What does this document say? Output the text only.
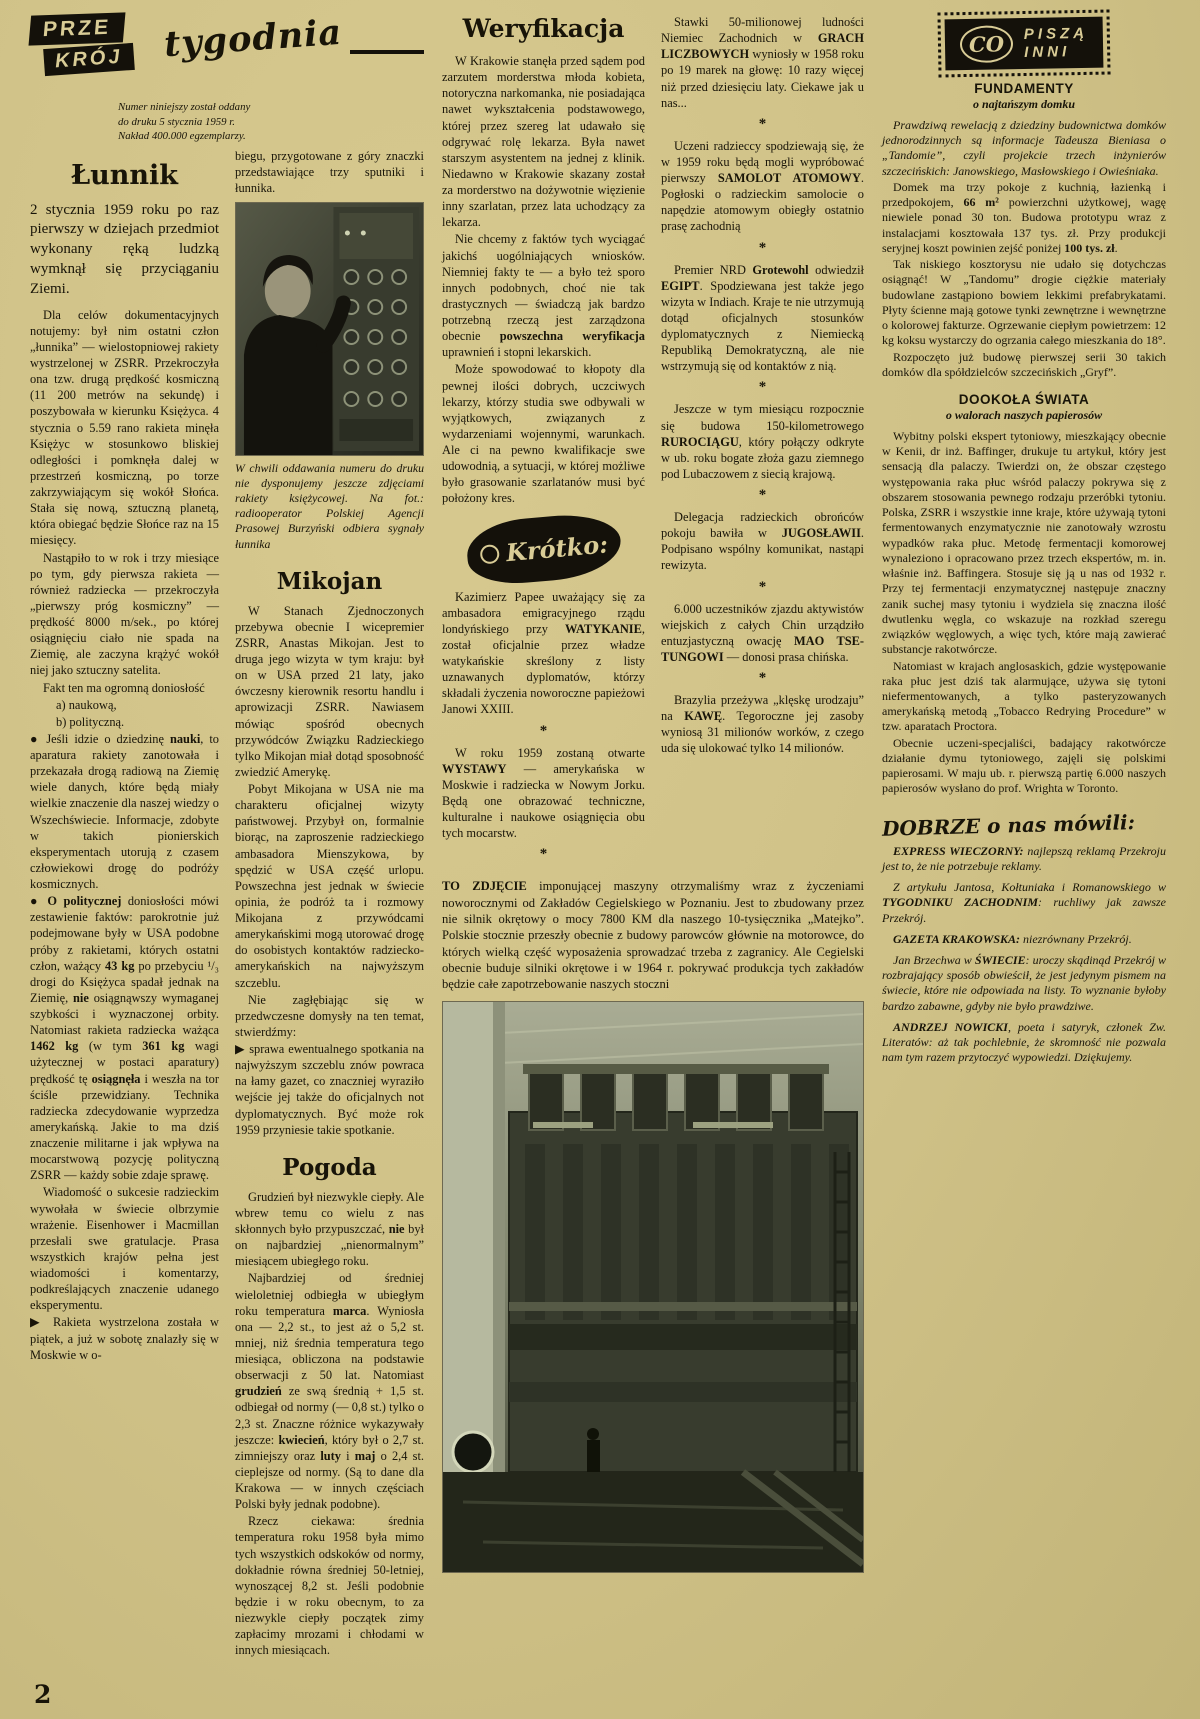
PRZE
KRÓJ	tygodnia
Numer niniejszy został oddany
do druku 5 stycznia 1959 r.
Nakład 400.000 egzemplarzy.
Łunnik

2 stycznia 1959 roku po raz pierwszy w dziejach przedmiot wykonany ręką ludzką wymknął się przyciąganiu Ziemi.

Dla celów dokumentacyjnych notujemy: był nim ostatni człon „łunnika” — wielostopniowej rakiety wystrzelonej w ZSRR. Przekroczyła ona tzw. drugą prędkość kosmiczną (11 200 metrów na sekundę) i poszybowała w kierunku Księżyca. 4 stycznia o 5.59 rano rakieta minęła Księżyc w stosunkowo bliskiej odległości i pomknęła dalej w przestrzeń kosmiczną, po torze zakrzywiającym się wokół Słońca. Stała się nową, sztuczną planetą, która obiegać będzie Słońce raz na 15 miesięcy.

Nastąpiło to w rok i trzy miesiące po tym, gdy pierwsza rakieta — również radziecka — przekroczyła „pierwszy próg kosmiczny” — prędkość 8000 m/sek., po której osiągnięciu ciało nie spada na Ziemię, ale zaczyna krążyć wokół niej jako sztuczny satelita.

Fakt ten ma ogromną doniosłość

a) naukową,

b) polityczną.

● Jeśli idzie o dziedzinę nauki, to aparatura rakiety zanotowała i przekazała drogą radiową na Ziemię wiele danych, które będą miały wielkie znaczenie dla naszej wiedzy o Wszechświecie. Informacje, zdobyte w takich pionierskich eksperymentach utorują z czasem człowiekowi drogę do podróży kosmicznych.

● O politycznej doniosłości mówi zestawienie faktów: parokrotnie już podejmowane były w USA podobne próby z rakietami, których ostatni człon, ważący 43 kg po przebyciu ¹/₃ drogi do Księżyca spadał jednak na Ziemię, nie osiągnąwszy wymaganej szybkości i wyznaczonej orbity. Natomiast rakieta radziecka ważąca 1462 kg (w tym 361 kg wagi użytecznej w postaci aparatury) prędkość tę osiągnęła i weszła na tor ściśle przewidziany. Technika radziecka zdecydowanie wyprzedza amerykańską. Jakie to ma dziś znaczenie militarne i jak wpływa na mocarstwową pozycję polityczną ZSRR — każdy sobie zdaje sprawę.

Wiadomość o sukcesie radzieckim wywołała w świecie olbrzymie wrażenie. Eisenhower i Macmillan przesłali swe gratulacje. Prasa wszystkich krajów pełna jest wiadomości i komentarzy, podkreślających znaczenie udanego eksperymentu.

▶ Rakieta wystrzelona została w piątek, a już w sobotę znalazły się w Moskwie w o-

biegu, przygotowane z góry znaczki przedstawiające trzy sputniki i łunnika.

W chwili oddawania numeru do druku nie dysponujemy jeszcze zdjęciami rakiety księżycowej. Na fot.: radiooperator Polskiej Agencji Prasowej Burzyński odbiera sygnały łunnika

Mikojan

W Stanach Zjednoczonych przebywa obecnie I wicepremier ZSRR, Anastas Mikojan. Jest to druga jego wizyta w tym kraju: był on w USA przed 21 laty, jako ówczesny kierownik resortu handlu i aprowizacji ZSRR. Nawiasem mówiąc spośród obecnych przywódców Związku Radzieckiego tylko Mikojan miał dotąd sposobność zwiedzić Amerykę.

Pobyt Mikojana w USA nie ma charakteru oficjalnej wizyty państwowej. Przybył on, formalnie biorąc, na zaproszenie radzieckiego ambasadora Mienszykowa, by spędzić w USA część urlopu. Powszechna jest jednak w świecie opinia, że podróż ta i rozmowy Mikojana z przywódcami amerykańskimi mogą utorować drogę do osobistych kontaktów radziecko-amerykańskich na najwyższym szczeblu.

Nie zagłębiając się w przedwczesne domysły na ten temat, stwierdźmy:

▶ sprawa ewentualnego spotkania na najwyższym szczeblu znów powraca na łamy gazet, co znaczniej wyraziło wejście jej także do oficjalnych not dyplomatycznych. Być może rok 1959 przyniesie takie spotkanie.

Pogoda

Grudzień był niezwykle ciepły. Ale wbrew temu co wielu z nas skłonnych było przypuszczać, nie był on najbardziej „nienormalnym” miesiącem ubiegłego roku.

Najbardziej od średniej wieloletniej odbiegła w ubiegłym roku temperatura marca. Wyniosła ona — 2,2 st., to jest aż o 5,2 st. mniej, niż średnia temperatura tego miesiąca, obliczona na podstawie obserwacji z 50 lat. Natomiast grudzień ze swą średnią + 1,5 st. odbiegał od normy (— 0,8 st.) tylko o 2,3 st. Znaczne różnice wykazywały jeszcze: kwiecień, który był o 2,7 st. zimniejszy oraz luty i maj o 2,4 st. cieplejsze od normy. (Są to dane dla Krakowa — w innych częściach Polski były jednak podobne).

Rzecz ciekawa: średnia temperatura roku 1958 była mimo tych wszystkich odskoków od normy, dokładnie równa średniej 50-letniej, wynoszącej 8,2 st. Jeśli podobnie będzie i w roku obecnym, to za niezwykle ciepły początek zimy zapłacimy mrozami i chłodami w innych miesiącach.

Weryfikacja

W Krakowie stanęła przed sądem pod zarzutem morderstwa młoda kobieta, notoryczna narkomanka, nie posiadająca nawet wykształcenia podstawowego, której przez szereg lat udawało się odgrywać rolę lekarza. Była nawet starszym asystentem na jednej z klinik. Niedawno w Krakowie skazany został za morderstwo na dożywotnie więzienie inny szarlatan, przez lata uchodzący za lekarza.

Nie chcemy z faktów tych wyciągać jakichś uogólniających wniosków. Niemniej fakty te — a było też sporo innych podobnych, choć nie tak drastycznych — świadczą jak bardzo potrzebną rzeczą jest zarządzona obecnie powszechna weryfikacja uprawnień i stopni lekarskich.

Może spowodować to kłopoty dla pewnej ilości dobrych, uczciwych lekarzy, którzy studia swe odbywali w wyjątkowych, związanych z wydarzeniami wojennymi, warunkach. Ale ci na pewno kwalifikacje swe udowodnią, a sytuacji, w której możliwe było grasowanie szarlatanów musi być położony kres.

Krótko:

Kazimierz Papee uważający się za ambasadora emigracyjnego rządu londyńskiego przy WATYKANIE, został oficjalnie przez władze watykańskie skreślony z listy uznawanych dyplomatów, którzy składali życzenia noworoczne papieżowi Janowi XXIII.

*

W roku 1959 zostaną otwarte WYSTAWY — amerykańska w Moskwie i radziecka w Nowym Jorku. Będą one obrazować techniczne, kulturalne i naukowe osiągnięcia obu tych mocarstw.

*

Stawki 50-milionowej ludności Niemiec Zachodnich w GRACH LICZBOWYCH wyniosły w 1958 roku po 19 marek na głowę: 10 razy więcej niż przed dziesięciu laty. Ciekawe jak u nas...

*

Uczeni radzieccy spodziewają się, że w 1959 roku będą mogli wypróbować pierwszy SAMOLOT ATOMOWY. Pogłoski o radzieckim samolocie o napędzie atomowym obiegły ostatnio prasę zachodnią

*

Premier NRD Grotewohl odwiedził EGIPT. Spodziewana jest także jego wizyta w Indiach. Kraje te nie utrzymują dotąd oficjalnych stosunków dyplomatycznych z Niemiecką Republiką Demokratyczną, ale nie wstrzymują się od kontaktów z nią.

*

Jeszcze w tym miesiącu rozpocznie się budowa 150-kilometrowego RUROCIĄGU, który połączy odkryte w ub. roku bogate złoża gazu ziemnego pod Lubaczowem z siecią krajową.

*

Delegacja radzieckich obrońców pokoju bawiła w JUGOSŁAWII. Podpisano wspólny komunikat, nastąpi rewizyta.

*

6.000 uczestników zjazdu aktywistów wiejskich z całych Chin urządziło entuzjastyczną owację MAO TSE-TUNGOWI — donosi prasa chińska.

*

Brazylia przeżywa „klęskę urodzaju” na KAWĘ. Tegoroczne jej zasoby wyniosą 31 milionów worków, z czego uda się ulokować tylko 14 milionów.

TO ZDJĘCIE imponującej maszyny otrzymaliśmy wraz z życzeniami noworocznymi od Zakładów Cegielskiego w Poznaniu. Jest to zbudowany przez nie silnik okrętowy o mocy 7800 KM dla naszego 10-tysięcznika „Matejko”. Polskie stocznie przeszły obecnie z budowy parowców głównie na motorowce, do których wielką część wyposażenia sprowadzać trzeba z zagranicy. Ale Cegielski obecnie buduje silniki okrętowe i w 1964 r. pokrywać produkcja tych zakładów będzie całe zapotrzebowanie naszych stoczni

CO	PISZĄ
INNI
FUNDAMENTY
o najtańszym domku

Prawdziwą rewelacją z dziedziny budownictwa domków jednorodzinnych są informacje Tadeusza Bieniasa o „Tandomie”, czyli projekcie trzech inżynierów szczecińskich: Janowskiego, Masłowskiego i Owieśniaka.

Domek ma trzy pokoje z kuchnią, łazienką i przedpokojem, 66 m² powierzchni użytkowej, wagę niewiele ponad 30 ton. Budowa prototypu wraz z instalacjami kosztowała 137 tys. zł. Przy produkcji seryjnej koszt powinien zejść poniżej 100 tys. zł.

Tak niskiego kosztorysu nie udało się dotychczas osiągnąć! W „Tandomu” drogie ciężkie materiały budowlane zastąpiono bowiem lekkimi prefabrykatami. Płyty ścienne mają gotowe tynki zewnętrzne i wewnętrzne o kolorowej fakturze. Ogrzewanie ciepłym powietrzem: 12 kg koksu wystarczy do ogrzania całego mieszkania do 18°.

Rozpoczęto już budowę pierwszej serii 30 takich domków dla spółdzielców szczecińskich „Gryf”.

DOOKOŁA ŚWIATA
o walorach naszych papierosów

Wybitny polski ekspert tytoniowy, mieszkający obecnie w Kenii, dr inż. Baffinger, drukuje tu artykuł, który jest sensacją dla palaczy. Twierdzi on, że obszar częstego występowania raka płuc wśród palaczy pokrywa się z obszarem stosowania pewnego rodzaju przeróbki tytoniu. Polska, ZSRR i wszystkie inne kraje, które używają tytoni fermentowanych enzymatycznie nie zanotowały wzrostu wypadków raka płuc. Metodę fermentacji komorowej wynaleziono i opracowano przez trzech ekspertów, m. in. właśnie inż. Baffingera. Stosuje się ją u nas od 1932 r. Przy tej fermentacji enzymatycznej następuje znaczny zanik suchej masy tytoniu i wydziela się znaczna ilość dwutlenku węgla, co wskazuje na rozkład szeregu związków węglowych, a więc tych, które mają zawierać substancje rakotwórcze.

Natomiast w krajach anglosaskich, gdzie występowanie raka płuc jest dziś tak alarmujące, używa się tytoni niefermentowanych, a tylko pasteryzowanych amerykańską metodą „Tobacco Redrying Procedure” w tzw. aparatach Proctora.

Obecnie uczeni-specjaliści, badający rakotwórcze działanie dymu tytoniowego, zajęli się polskimi papierosami. W maju ub. r. pierwszą partię 6.000 naszych papierosów wysłano do prof. Wrighta w Toronto.

DOBRZE o nas mówili:

EXPRESS WIECZORNY: najlepszą reklamą Przekroju jest to, że nie potrzebuje reklamy.

Z artykułu Jantosa, Kołtuniaka i Romanowskiego w TYGODNIKU ZACHODNIM: ruchliwy jak zawsze Przekrój.

GAZETA KRAKOWSKA: niezrównany Przekrój.

Jan Brzechwa w ŚWIECIE: uroczy skądinąd Przekrój w rozbrajający sposób obwieścił, że jest jedynym pismem na świecie, które nie odpowiada na listy. To wyznanie byłoby bardzo zabawne, gdyby nie było prawdziwe.

ANDRZEJ NOWICKI, poeta i satyryk, członek Zw. Literatów: aż tak pochlebnie, że skromność nie pozwala nam tym razem przytoczyć wypowiedzi. Dziękujemy.

2
